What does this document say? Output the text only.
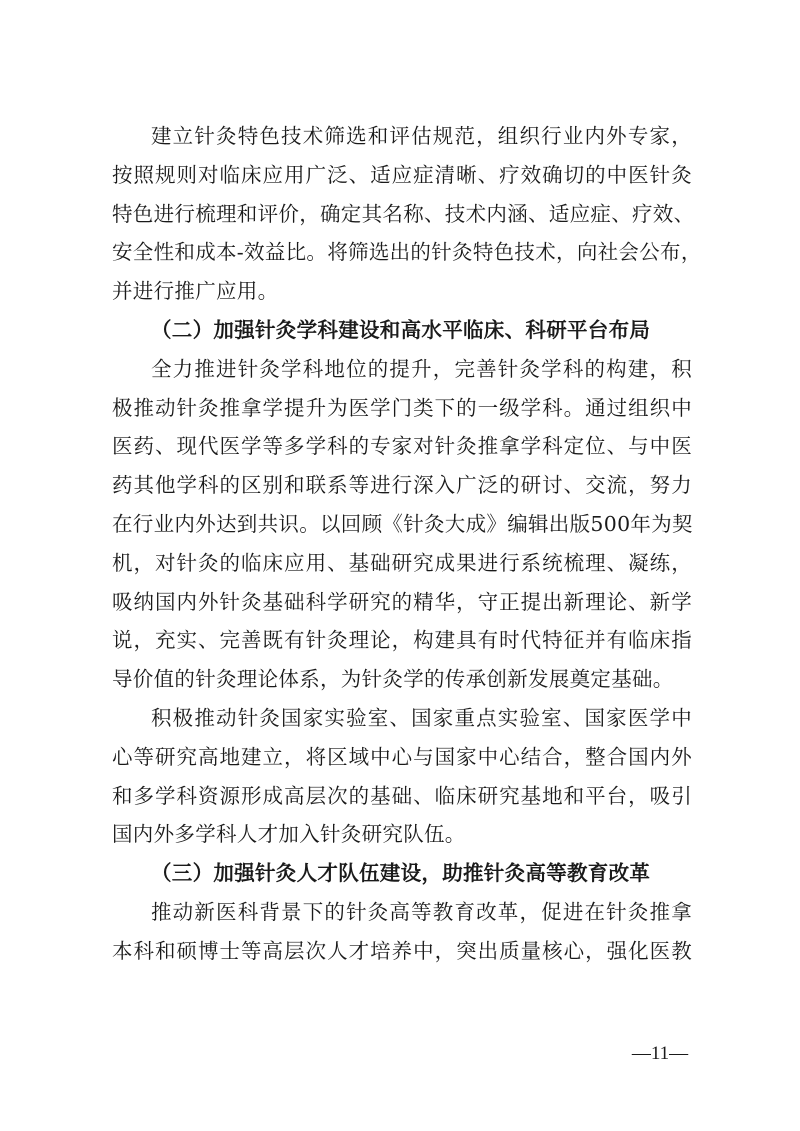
建立针灸特色技术筛选和评估规范，组织行业内外专家，
按照规则对临床应用广泛、适应症清晰、疗效确切的中医针灸
特色进行梳理和评价，确定其名称、技术内涵、适应症、疗效、
安全性和成本-效益比。将筛选出的针灸特色技术，向社会公布，
并进行推广应用。
（二）加强针灸学科建设和高水平临床、科研平台布局
全力推进针灸学科地位的提升，完善针灸学科的构建，积
极推动针灸推拿学提升为医学门类下的一级学科。通过组织中
医药、现代医学等多学科的专家对针灸推拿学科定位、与中医
药其他学科的区别和联系等进行深入广泛的研讨、交流，努力
在行业内外达到共识。以回顾《针灸大成》编辑出版500年为契
机，对针灸的临床应用、基础研究成果进行系统梳理、凝练，
吸纳国内外针灸基础科学研究的精华，守正提出新理论、新学
说，充实、完善既有针灸理论，构建具有时代特征并有临床指
导价值的针灸理论体系，为针灸学的传承创新发展奠定基础。
积极推动针灸国家实验室、国家重点实验室、国家医学中
心等研究高地建立，将区域中心与国家中心结合，整合国内外
和多学科资源形成高层次的基础、临床研究基地和平台，吸引
国内外多学科人才加入针灸研究队伍。
（三）加强针灸人才队伍建设，助推针灸高等教育改革
推动新医科背景下的针灸高等教育改革，促进在针灸推拿
本科和硕博士等高层次人才培养中，突出质量核心，强化医教
—11—
